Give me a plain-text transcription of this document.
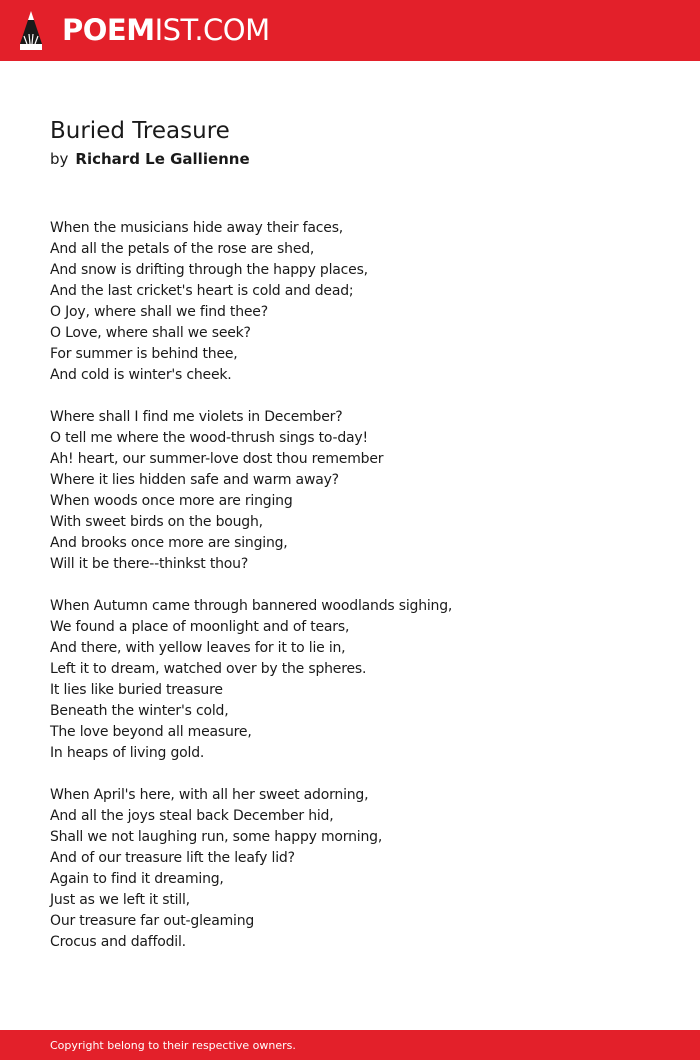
POEMIST.COM
Buried Treasure
by Richard Le Gallienne
When the musicians hide away their faces,
And all the petals of the rose are shed,
And snow is drifting through the happy places,
And the last cricket's heart is cold and dead;
O Joy, where shall we find thee?
O Love, where shall we seek?
For summer is behind thee,
And cold is winter's cheek.
Where shall I find me violets in December?
O tell me where the wood-thrush sings to-day!
Ah! heart, our summer-love dost thou remember
Where it lies hidden safe and warm away?
When woods once more are ringing
With sweet birds on the bough,
And brooks once more are singing,
Will it be there--thinkst thou?
When Autumn came through bannered woodlands sighing,
We found a place of moonlight and of tears,
And there, with yellow leaves for it to lie in,
Left it to dream, watched over by the spheres.
It lies like buried treasure
Beneath the winter's cold,
The love beyond all measure,
In heaps of living gold.
When April's here, with all her sweet adorning,
And all the joys steal back December hid,
Shall we not laughing run, some happy morning,
And of our treasure lift the leafy lid?
Again to find it dreaming,
Just as we left it still,
Our treasure far out-gleaming
Crocus and daffodil.
Copyright belong to their respective owners.
